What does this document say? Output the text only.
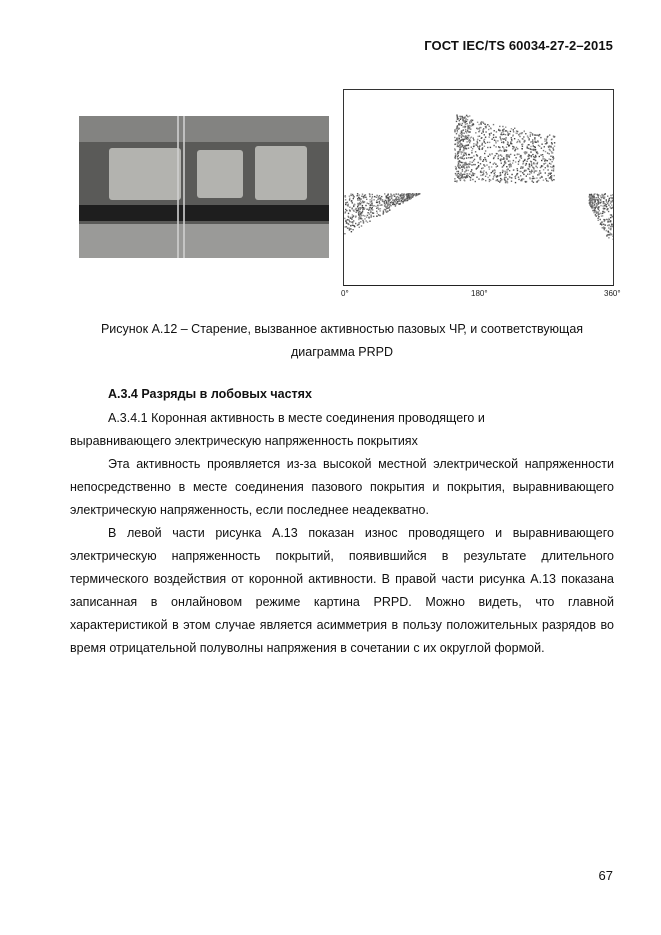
ГОСТ IEC/TS 60034-27-2–2015
0°	180°	360°
Рисунок А.12 – Старение, вызванное активностью пазовых ЧР, и соответствующая
диаграмма PRPD
А.3.4 Разряды в лобовых частях
А.3.4.1 Коронная активность в месте соединения проводящего и
выравнивающего электрическую напряженность покрытиях
Эта активность проявляется из-за высокой местной электрической напряженности непосредственно в месте соединения пазового покрытия и покрытия, выравнивающего электрическую напряженность, если последнее неадекватно.
В левой части рисунка А.13 показан износ проводящего и выравнивающего электрическую напряженность покрытий, появившийся в результате длительного термического воздействия от коронной активности. В правой части рисунка А.13 показана записанная в онлайновом режиме картина PRPD. Можно видеть, что главной характеристикой в этом случае является асимметрия в пользу положительных разрядов во время отрицательной полуволны напряжения в сочетании с их округлой формой.
67
